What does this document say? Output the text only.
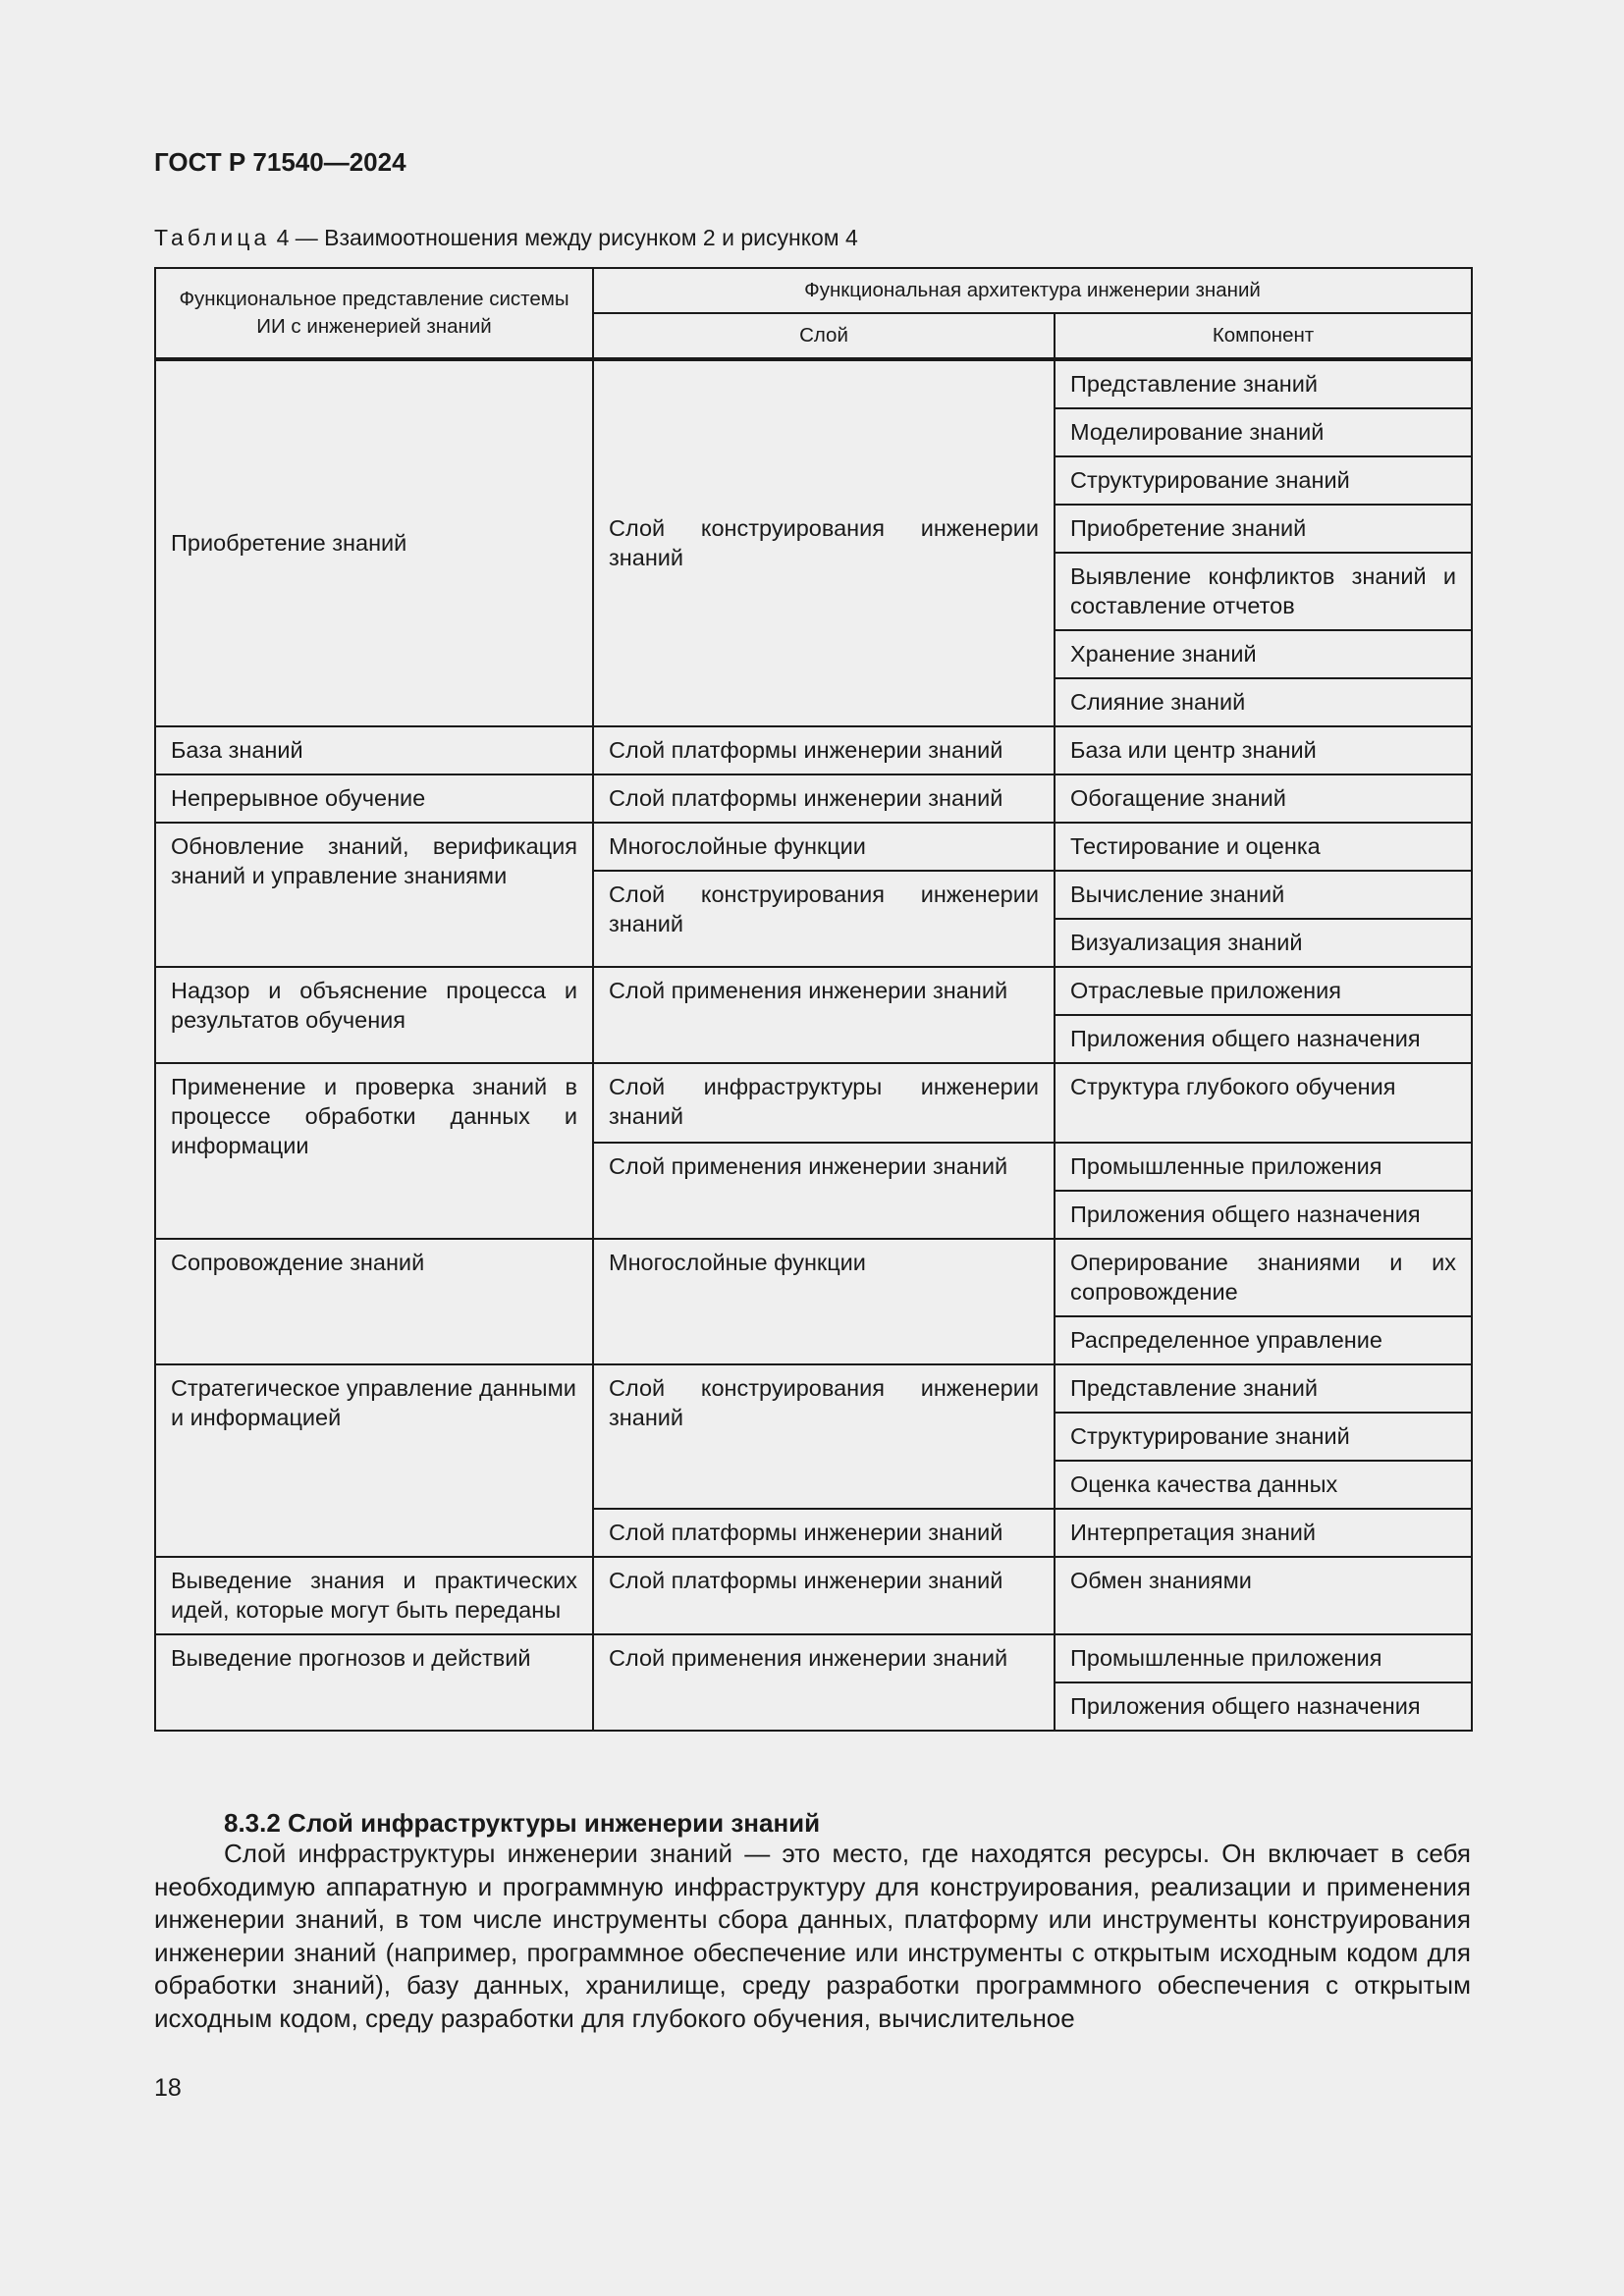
ГОСТ Р 71540—2024
Таблица 4 — Взаимоотношения между рисунком 2 и рисунком 4
Функциональное представление системы ИИ с инженерией знаний	Функциональная архитектура инженерии знаний	
	Слой	Компонент
Приобретение знаний	Слой конструирования инженерии знаний	Представление знаний
		Моделирование знаний
		Структурирование знаний
		Приобретение знаний
		Выявление конфликтов знаний и составление отчетов
		Хранение знаний
		Слияние знаний
База знаний	Слой платформы инженерии знаний	База или центр знаний
Непрерывное обучение	Слой платформы инженерии знаний	Обогащение знаний
Обновление знаний, верификация знаний и управление знаниями	Многослойные функции	Тестирование и оценка
	Слой конструирования инженерии знаний	Вычисление знаний
		Визуализация знаний
Надзор и объяснение процесса и результатов обучения	Слой применения инженерии знаний	Отраслевые приложения
		Приложения общего назначения
Применение и проверка знаний в процессе обработки данных и информации	Слой инфраструктуры инженерии знаний	Структура глубокого обучения
	Слой применения инженерии знаний	Промышленные приложения
		Приложения общего назначения
Сопровождение знаний	Многослойные функции	Оперирование знаниями и их сопровождение
		Распределенное управление
Стратегическое управление данными и информацией	Слой конструирования инженерии знаний	Представление знаний
		Структурирование знаний
		Оценка качества данных
	Слой платформы инженерии знаний	Интерпретация знаний
Выведение знания и практических идей, которые могут быть переданы	Слой платформы инженерии знаний	Обмен знаниями
Выведение прогнозов и действий	Слой применения инженерии знаний	Промышленные приложения
		Приложения общего назначения
8.3.2 Слой инфраструктуры инженерии знаний

Слой инфраструктуры инженерии знаний — это место, где находятся ресурсы. Он включает в себя необходимую аппаратную и программную инфраструктуру для конструирования, реализации и применения инженерии знаний, в том числе инструменты сбора данных, платформу или инструменты конструирования инженерии знаний (например, программное обеспечение или инструменты с открытым исходным кодом для обработки знаний), базу данных, хранилище, среду разработки программного обеспечения с открытым исходным кодом, среду разработки для глубокого обучения, вычислительное

18
